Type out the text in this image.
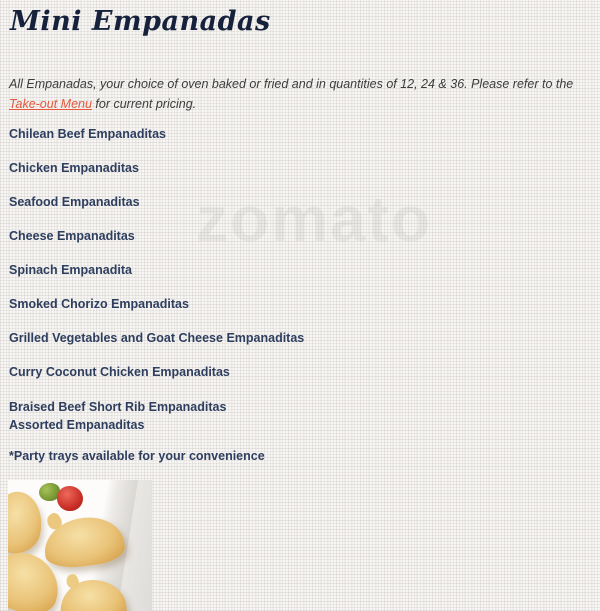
zomato
Mini Empanadas

All Empanadas, your choice of oven baked or fried and in quantities of 12, 24 & 36. Please refer to the Take-out Menu for current pricing.

Chilean Beef Empanaditas

Chicken Empanaditas

Seafood Empanaditas

Cheese Empanaditas

Spinach Empanadita

Smoked Chorizo Empanaditas

Grilled Vegetables and Goat Cheese Empanaditas

Curry Coconut Chicken Empanaditas

Braised Beef Short Rib Empanaditas
Assorted Empanaditas

*Party trays available for your convenience
